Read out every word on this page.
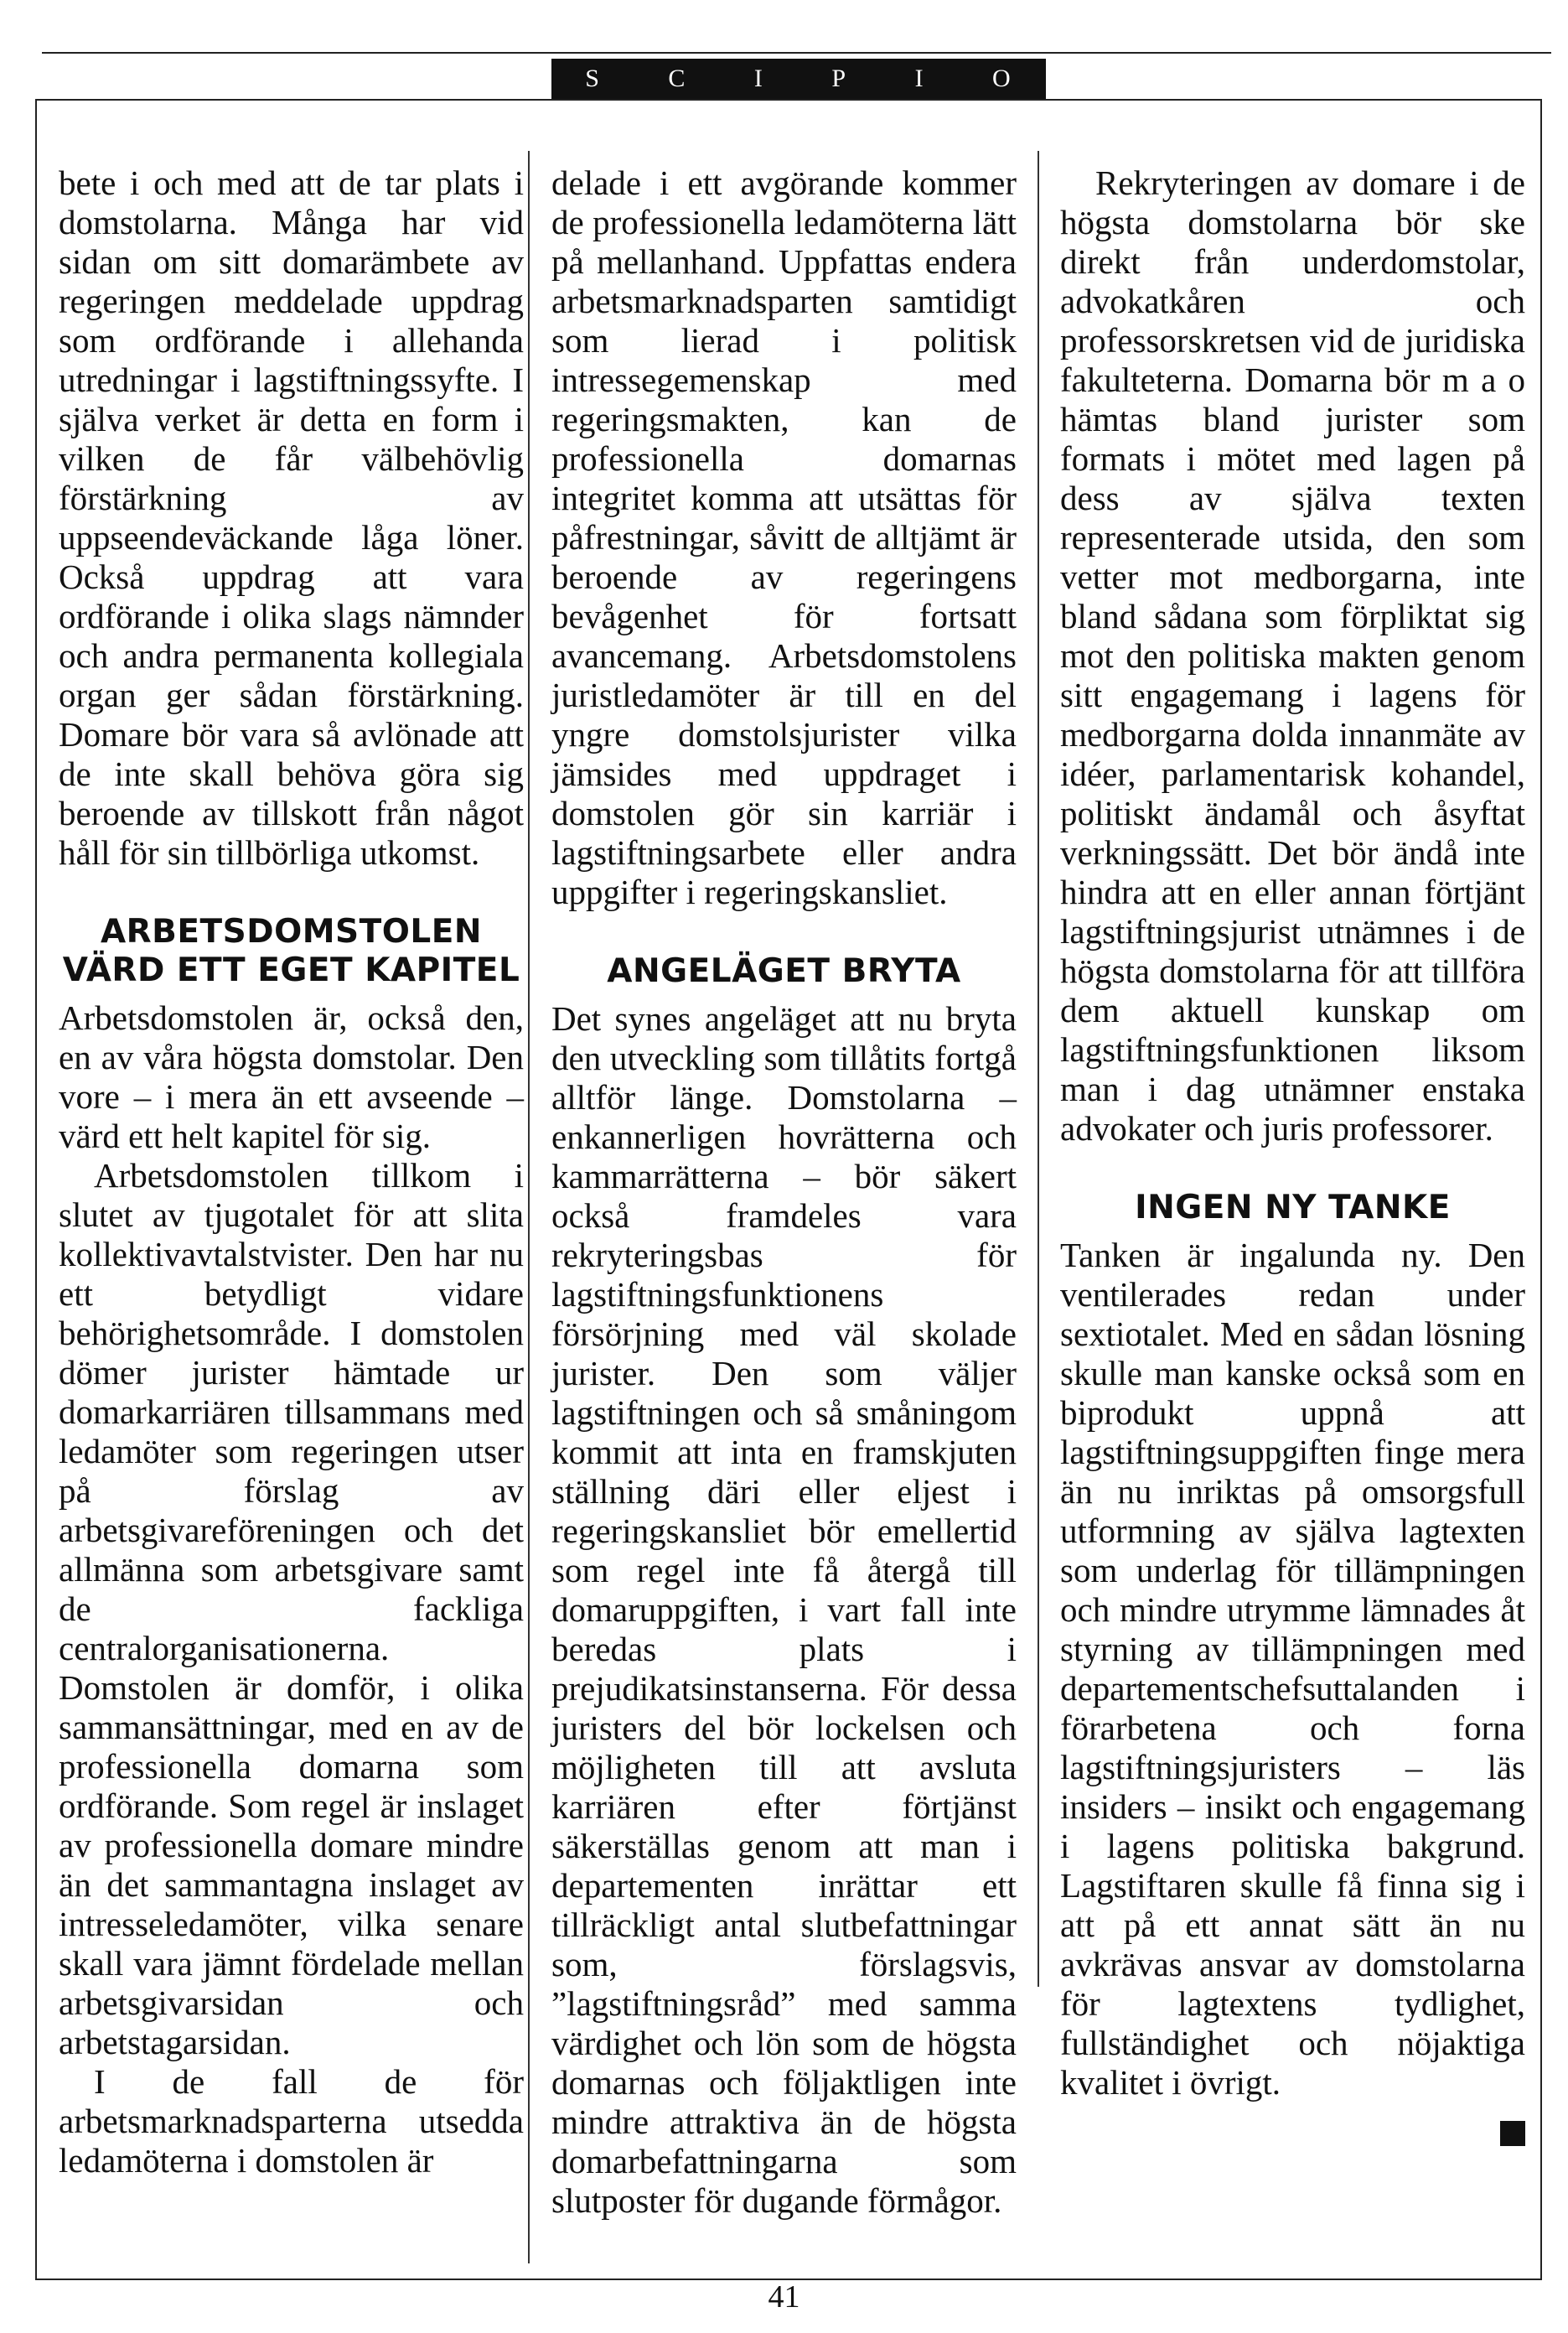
S	C	I	P	I	O

bete i och med att de tar plats i domstolarna. Många har vid sidan om sitt domarämbete av regeringen meddelade uppdrag som ordförande i allehanda utredningar i lagstiftningssyfte. I själva verket är detta en form i vilken de får välbehövlig förstärkning av uppseendeväckande låga löner. Också uppdrag att vara ordförande i olika slags nämnder och andra permanenta kollegiala organ ger sådan förstärkning. Domare bör vara så avlönade att de inte skall behöva göra sig beroende av tillskott från något håll för sin tillbörliga utkomst.

ARBETSDOMSTOLEN VÄRD ETT EGET KAPITEL

Arbetsdomstolen är, också den, en av våra högsta domstolar. Den vore – i mera än ett avseende – värd ett helt kapitel för sig.

Arbetsdomstolen tillkom i slutet av tjugotalet för att slita kollektivavtalstvister. Den har nu ett betydligt vidare behörighetsområde. I domstolen dömer jurister hämtade ur domarkarriären tillsammans med ledamöter som regeringen utser på förslag av arbetsgivareföreningen och det allmänna som arbetsgivare samt de fackliga centralorganisationerna. Domstolen är domför, i olika sammansättningar, med en av de professionella domarna som ordförande. Som regel är inslaget av professionella domare mindre än det sammantagna inslaget av intresseledamöter, vilka senare skall vara jämnt fördelade mellan arbetsgivarsidan och arbetstagarsidan.

I de fall de för arbetsmarknadsparterna utsedda ledamöterna i domstolen är

delade i ett avgörande kommer de professionella ledamöterna lätt på mellanhand. Uppfattas endera arbetsmarknadsparten samtidigt som lierad i politisk intressegemenskap med regeringsmakten, kan de professionella domarnas integritet komma att utsättas för påfrestningar, såvitt de alltjämt är beroende av regeringens bevågenhet för fortsatt avancemang. Arbetsdomstolens juristledamöter är till en del yngre domstolsjurister vilka jämsides med uppdraget i domstolen gör sin karriär i lagstiftningsarbete eller andra uppgifter i regeringskansliet.

ANGELÄGET BRYTA

Det synes angeläget att nu bryta den utveckling som tillåtits fortgå alltför länge. Domstolarna – enkannerligen hovrätterna och kammarrätterna – bör säkert också framdeles vara rekryteringsbas för lagstiftningsfunktionens försörjning med väl skolade jurister. Den som väljer lagstiftningen och så småningom kommit att inta en framskjuten ställning däri eller eljest i regeringskansliet bör emellertid som regel inte få återgå till domaruppgiften, i vart fall inte beredas plats i prejudikatsinstanserna. För dessa juristers del bör lockelsen och möjligheten till att avsluta karriären efter förtjänst säkerställas genom att man i departementen inrättar ett tillräckligt antal slutbefattningar som, förslagsvis, ”lagstiftningsråd” med samma värdighet och lön som de högsta domarnas och följaktligen inte mindre attraktiva än de högsta domarbefattningarna som slutposter för dugande förmågor.

Rekryteringen av domare i de högsta domstolarna bör ske direkt från underdomstolar, advokatkåren och professorskretsen vid de juridiska fakulteterna. Domarna bör m a o hämtas bland jurister som formats i mötet med lagen på dess av själva texten representerade utsida, den som vetter mot medborgarna, inte bland sådana som förpliktat sig mot den politiska makten genom sitt engagemang i lagens för medborgarna dolda innanmäte av idéer, parlamentarisk kohandel, politiskt ändamål och åsyftat verkningssätt. Det bör ändå inte hindra att en eller annan förtjänt lagstiftningsjurist utnämnes i de högsta domstolarna för att tillföra dem aktuell kunskap om lagstiftningsfunktionen liksom man i dag utnämner enstaka advokater och juris professorer.

INGEN NY TANKE

Tanken är ingalunda ny. Den ventilerades redan under sextiotalet. Med en sådan lösning skulle man kanske också som en biprodukt uppnå att lagstiftningsuppgiften finge mera än nu inriktas på omsorgsfull utformning av själva lagtexten som underlag för tillämpningen och mindre utrymme lämnades åt styrning av tillämpningen med departementschefsuttalanden i förarbetena och forna lagstiftningsjuristers – läs insiders – insikt och engagemang i lagens politiska bakgrund. Lagstiftaren skulle få finna sig i att på ett annat sätt än nu avkrävas ansvar av domstolarna för lagtextens tydlighet, fullständighet och nöjaktiga kvalitet i övrigt.

41
